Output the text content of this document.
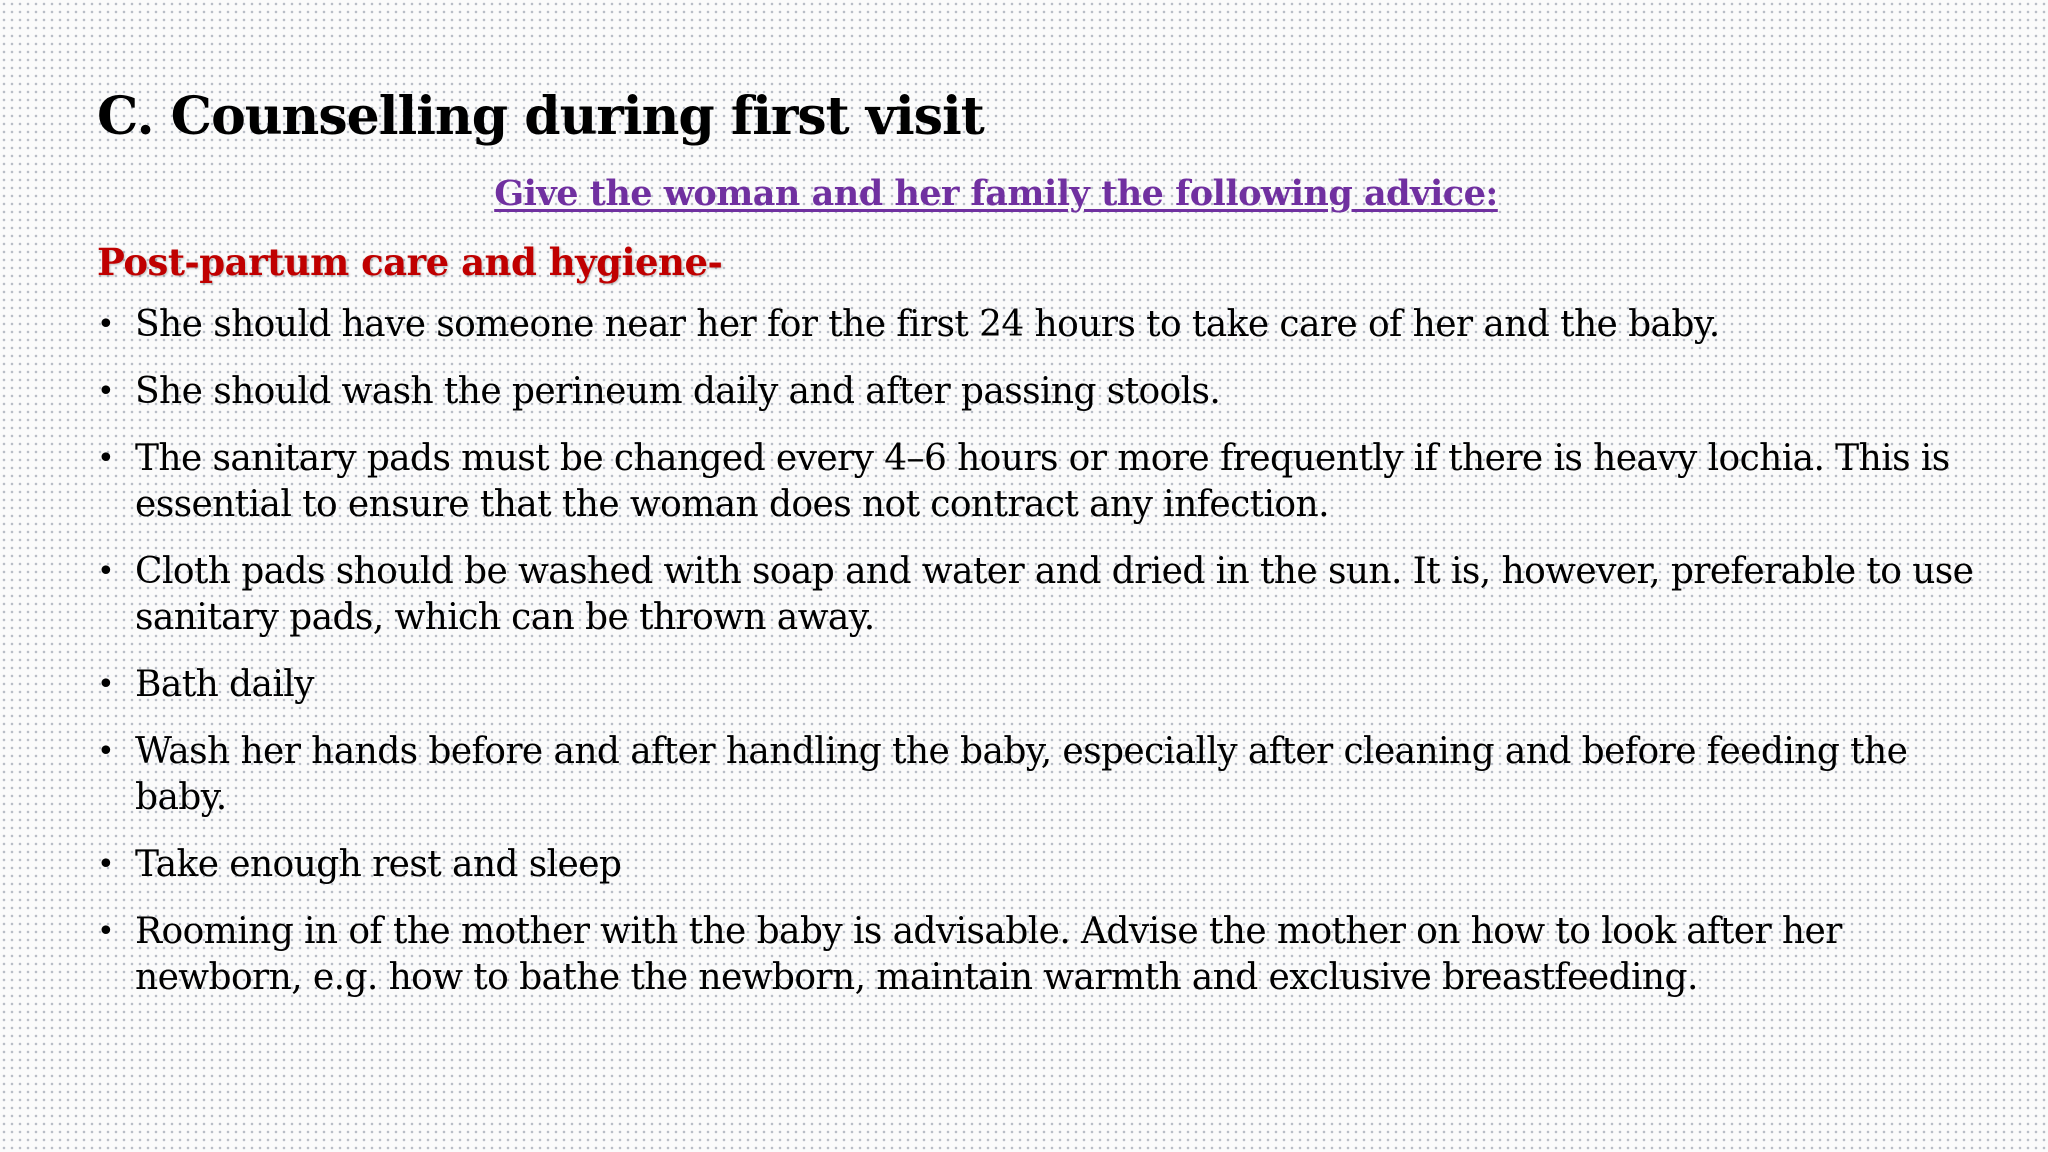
C. Counselling during first visit

Give the woman and her family the following advice:

Post-partum care and hygiene-
• She should have someone near her for the first 24 hours to take care of her and the baby.
• She should wash the perineum daily and after passing stools.
• The sanitary pads must be changed every 4–6 hours or more frequently if there is heavy lochia. This is essential to ensure that the woman does not contract any infection.
• Cloth pads should be washed with soap and water and dried in the sun. It is, however, preferable to use sanitary pads, which can be thrown away.
• Bath daily
• Wash her hands before and after handling the baby, especially after cleaning and before feeding the baby.
• Take enough rest and sleep
• Rooming in of the mother with the baby is advisable. Advise the mother on how to look after her newborn, e.g. how to bathe the newborn, maintain warmth and exclusive breastfeeding.
